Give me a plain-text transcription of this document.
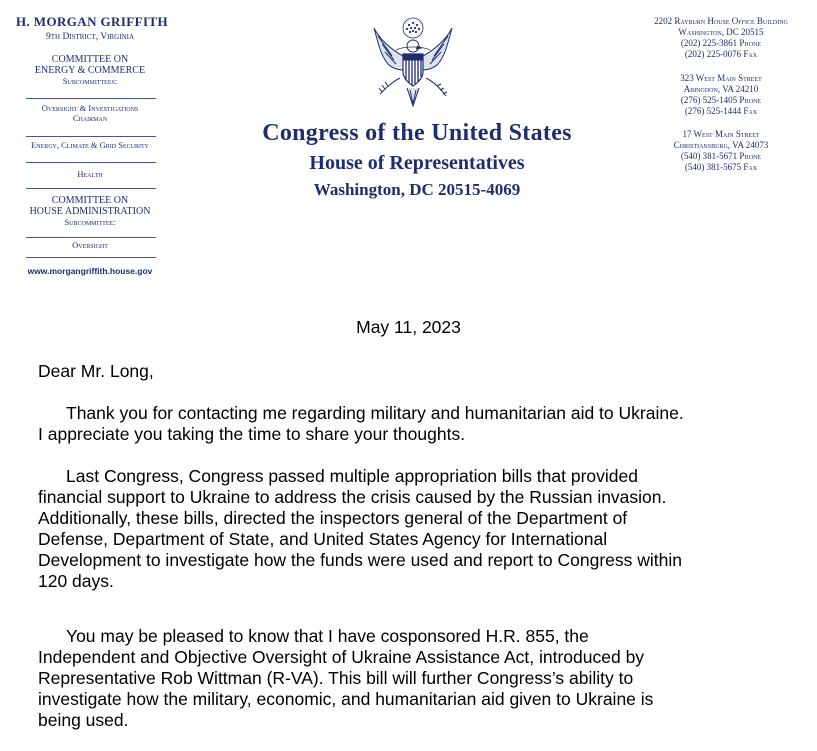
H. MORGAN GRIFFITH
9th District, Virginia
COMMITTEE ON
ENERGY & COMMERCE
Subcommittees:
Oversight & Investigations
Chairman
Energy, Climate & Grid Security
Health
COMMITTEE ON
HOUSE ADMINISTRATION
Subcommittee:
Oversight
www.morgangriffith.house.gov
Congress of the United States
House of Representatives
Washington, DC 20515-4069
2202 Rayburn House Office Building
Washington, DC 20515
(202) 225-3861 Phone
(202) 225-0076 Fax
323 West Main Street
Abingdon, VA 24210
(276) 525-1405 Phone
(276) 525-1444 Fax
17 West Main Street
Christiansburg, VA 24073
(540) 381-5671 Phone
(540) 381-5675 Fax
May 11, 2023
Dear Mr. Long,
Thank you for contacting me regarding military and humanitarian aid to Ukraine.
I appreciate you taking the time to share your thoughts.
Last Congress, Congress passed multiple appropriation bills that provided
financial support to Ukraine to address the crisis caused by the Russian invasion.
Additionally, these bills, directed the inspectors general of the Department of
Defense, Department of State, and United States Agency for International
Development to investigate how the funds were used and report to Congress within
120 days.
You may be pleased to know that I have cosponsored H.R. 855, the
Independent and Objective Oversight of Ukraine Assistance Act, introduced by
Representative Rob Wittman (R-VA). This bill will further Congress’s ability to
investigate how the military, economic, and humanitarian aid given to Ukraine is
being used.
